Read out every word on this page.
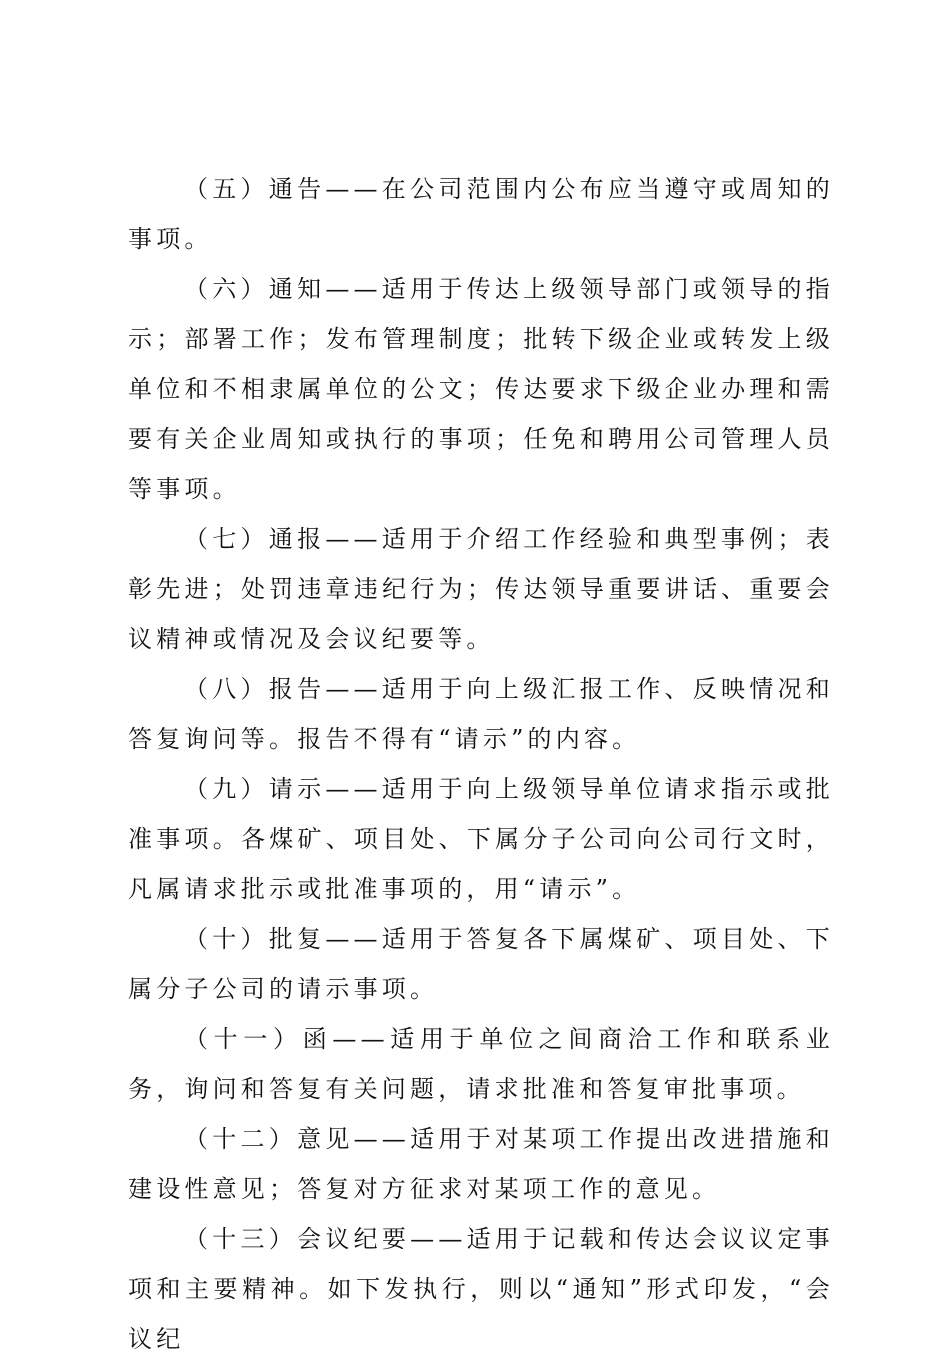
（五）通告——在公司范围内公布应当遵守或周知的事项。

（六）通知——适用于传达上级领导部门或领导的指示；部署工作；发布管理制度；批转下级企业或转发上级单位和不相隶属单位的公文；传达要求下级企业办理和需要有关企业周知或执行的事项；任免和聘用公司管理人员等事项。

（七）通报——适用于介绍工作经验和典型事例；表彰先进；处罚违章违纪行为；传达领导重要讲话、重要会议精神或情况及会议纪要等。

（八）报告——适用于向上级汇报工作、反映情况和答复询问等。报告不得有“请示”的内容。

（九）请示——适用于向上级领导单位请求指示或批准事项。各煤矿、项目处、下属分子公司向公司行文时，凡属请求批示或批准事项的，用“请示”。

（十）批复——适用于答复各下属煤矿、项目处、下属分子公司的请示事项。

（十一）函——适用于单位之间商洽工作和联系业务，询问和答复有关问题，请求批准和答复审批事项。

（十二）意见——适用于对某项工作提出改进措施和建设性意见；答复对方征求对某项工作的意见。

（十三）会议纪要——适用于记载和传达会议议定事项和主要精神。如下发执行，则以“通知”形式印发，“会议纪
